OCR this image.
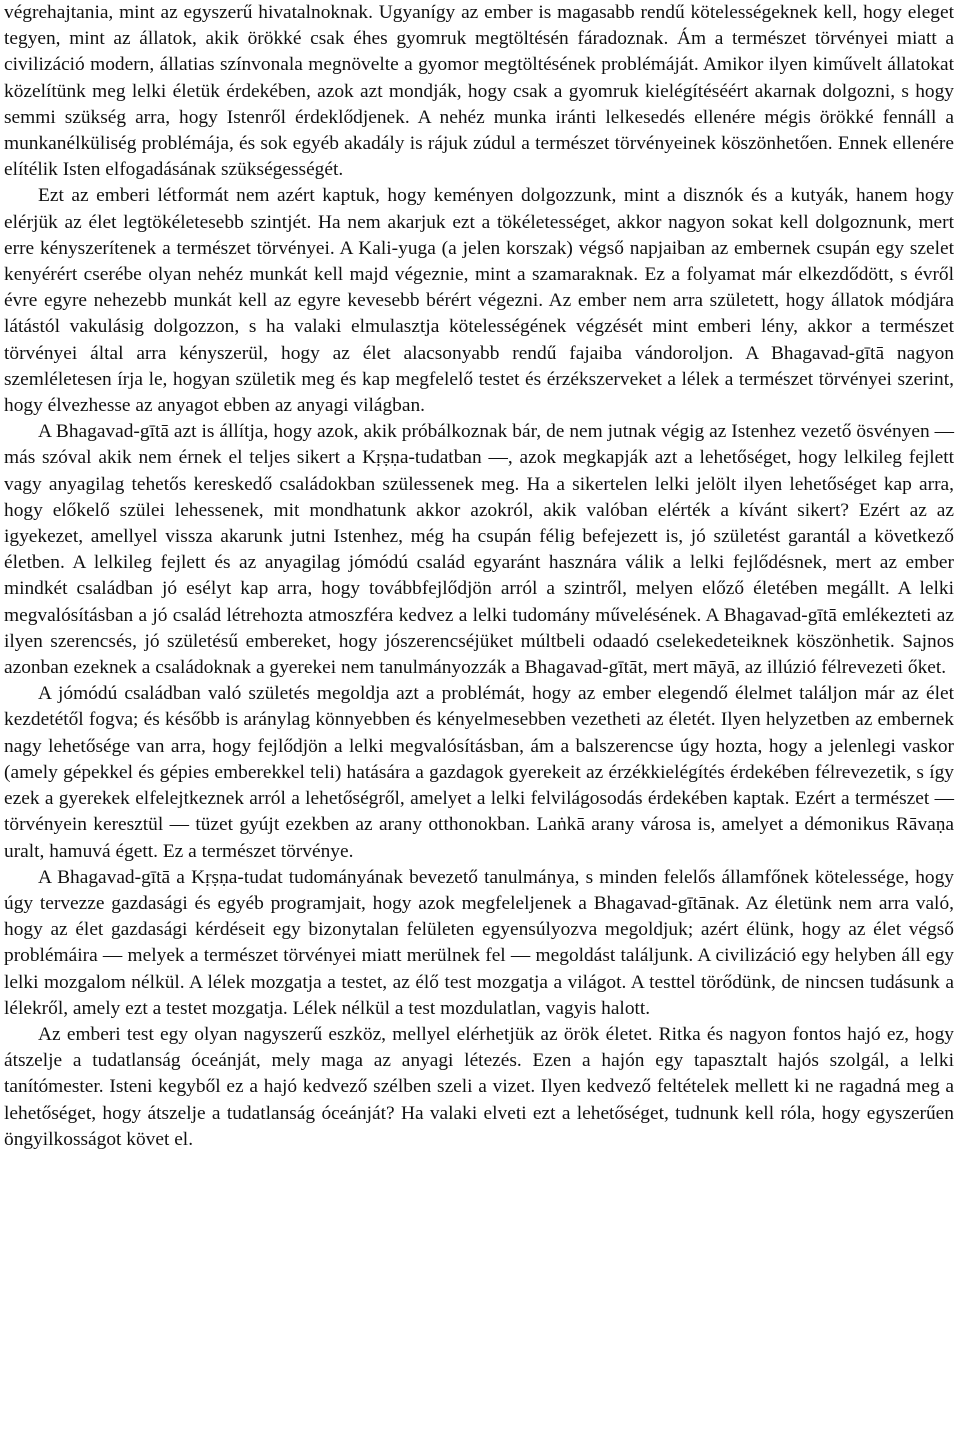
végrehajtania, mint az egyszerű hivatalnoknak. Ugyanígy az ember is magasabb rendű kötelességeknek kell, hogy eleget tegyen, mint az állatok, akik örökké csak éhes gyomruk megtöltésén fáradoznak. Ám a természet törvényei miatt a civilizáció modern, állatias színvonala megnövelte a gyomor megtöltésének problémáját. Amikor ilyen kiművelt állatokat közelítünk meg lelki életük érdekében, azok azt mondják, hogy csak a gyomruk kielégítéséért akarnak dolgozni, s hogy semmi szükség arra, hogy Istenről érdeklődjenek. A nehéz munka iránti lelkesedés ellenére mégis örökké fennáll a munkanélküliség problémája, és sok egyéb akadály is rájuk zúdul a természet törvényeinek köszönhetően. Ennek ellenére elítélik Isten elfogadásának szükségességét.

Ezt az emberi létformát nem azért kaptuk, hogy keményen dolgozzunk, mint a disznók és a kutyák, hanem hogy elérjük az élet legtökéletesebb szintjét. Ha nem akarjuk ezt a tökéletességet, akkor nagyon sokat kell dolgoznunk, mert erre kényszerítenek a természet törvényei. A Kali-yuga (a jelen korszak) végső napjaiban az embernek csupán egy szelet kenyérért cserébe olyan nehéz munkát kell majd végeznie, mint a szamaraknak. Ez a folyamat már elkezdődött, s évről évre egyre nehezebb munkát kell az egyre kevesebb bérért végezni. Az ember nem arra született, hogy állatok módjára látástól vakulásig dolgozzon, s ha valaki elmulasztja kötelességének végzését mint emberi lény, akkor a természet törvényei által arra kényszerül, hogy az élet alacsonyabb rendű fajaiba vándoroljon. A Bhagavad-gītā nagyon szemléletesen írja le, hogyan születik meg és kap megfelelő testet és érzékszerveket a lélek a természet törvényei szerint, hogy élvezhesse az anyagot ebben az anyagi világban.

A Bhagavad-gītā azt is állítja, hogy azok, akik próbálkoznak bár, de nem jutnak végig az Istenhez vezető ösvényen — más szóval akik nem érnek el teljes sikert a Kṛṣṇa-tudatban —, azok megkapják azt a lehetőséget, hogy lelkileg fejlett vagy anyagilag tehetős kereskedő családokban szülessenek meg. Ha a sikertelen lelki jelölt ilyen lehetőséget kap arra, hogy előkelő szülei lehessenek, mit mondhatunk akkor azokról, akik valóban elérték a kívánt sikert? Ezért az az igyekezet, amellyel vissza akarunk jutni Istenhez, még ha csupán félig befejezett is, jó születést garantál a következő életben. A lelkileg fejlett és az anyagilag jómódú család egyaránt hasznára válik a lelki fejlődésnek, mert az ember mindkét családban jó esélyt kap arra, hogy továbbfejlődjön arról a szintről, melyen előző életében megállt. A lelki megvalósításban a jó család létrehozta atmoszféra kedvez a lelki tudomány művelésének. A Bhagavad-gītā emlékezteti az ilyen szerencsés, jó születésű embereket, hogy jószerencséjüket múltbeli odaadó cselekedeteiknek köszönhetik. Sajnos azonban ezeknek a családoknak a gyerekei nem tanulmányozzák a Bhagavad-gītāt, mert māyā, az illúzió félrevezeti őket.

A jómódú családban való születés megoldja azt a problémát, hogy az ember elegendő élelmet találjon már az élet kezdetétől fogva; és később is aránylag könnyebben és kényelmesebben vezetheti az életét. Ilyen helyzetben az embernek nagy lehetősége van arra, hogy fejlődjön a lelki megvalósításban, ám a balszerencse úgy hozta, hogy a jelenlegi vaskor (amely gépekkel és gépies emberekkel teli) hatására a gazdagok gyerekeit az érzékkielégítés érdekében félrevezetik, s így ezek a gyerekek elfelejtkeznek arról a lehetőségről, amelyet a lelki felvilágosodás érdekében kaptak. Ezért a természet — törvényein keresztül — tüzet gyújt ezekben az arany otthonokban. Laṅkā arany városa is, amelyet a démonikus Rāvaṇa uralt, hamuvá égett. Ez a természet törvénye.

A Bhagavad-gītā a Kṛṣṇa-tudat tudományának bevezető tanulmánya, s minden felelős államfőnek kötelessége, hogy úgy tervezze gazdasági és egyéb programjait, hogy azok megfeleljenek a Bhagavad-gītānak. Az életünk nem arra való, hogy az élet gazdasági kérdéseit egy bizonytalan felületen egyensúlyozva megoldjuk; azért élünk, hogy az élet végső problémáira — melyek a természet törvényei miatt merülnek fel — megoldást találjunk. A civilizáció egy helyben áll egy lelki mozgalom nélkül. A lélek mozgatja a testet, az élő test mozgatja a világot. A testtel törődünk, de nincsen tudásunk a lélekről, amely ezt a testet mozgatja. Lélek nélkül a test mozdulatlan, vagyis halott.

Az emberi test egy olyan nagyszerű eszköz, mellyel elérhetjük az örök életet. Ritka és nagyon fontos hajó ez, hogy átszelje a tudatlanság óceánját, mely maga az anyagi létezés. Ezen a hajón egy tapasztalt hajós szolgál, a lelki tanítómester. Isteni kegyből ez a hajó kedvező szélben szeli a vizet. Ilyen kedvező feltételek mellett ki ne ragadná meg a lehetőséget, hogy átszelje a tudatlanság óceánját? Ha valaki elveti ezt a lehetőséget, tudnunk kell róla, hogy egyszerűen öngyilkosságot követ el.
